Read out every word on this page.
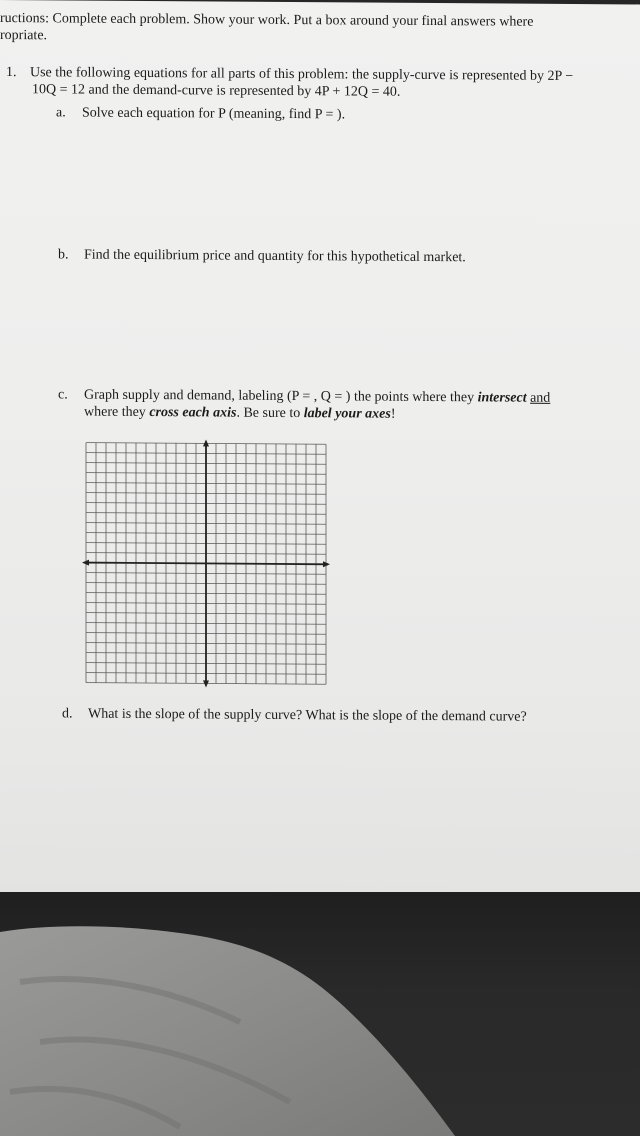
ructions: Complete each problem. Show your work. Put a box around your final answers where
ropriate.
1. Use the following equations for all parts of this problem: the supply-curve is represented by 2P −
10Q = 12 and the demand-curve is represented by 4P + 12Q = 40.
a. Solve each equation for P (meaning, find P = ).
b. Find the equilibrium price and quantity for this hypothetical market.
c. Graph supply and demand, labeling (P = , Q = ) the points where they intersect and
where they cross each axis. Be sure to label your axes!
d. What is the slope of the supply curve? What is the slope of the demand curve?
